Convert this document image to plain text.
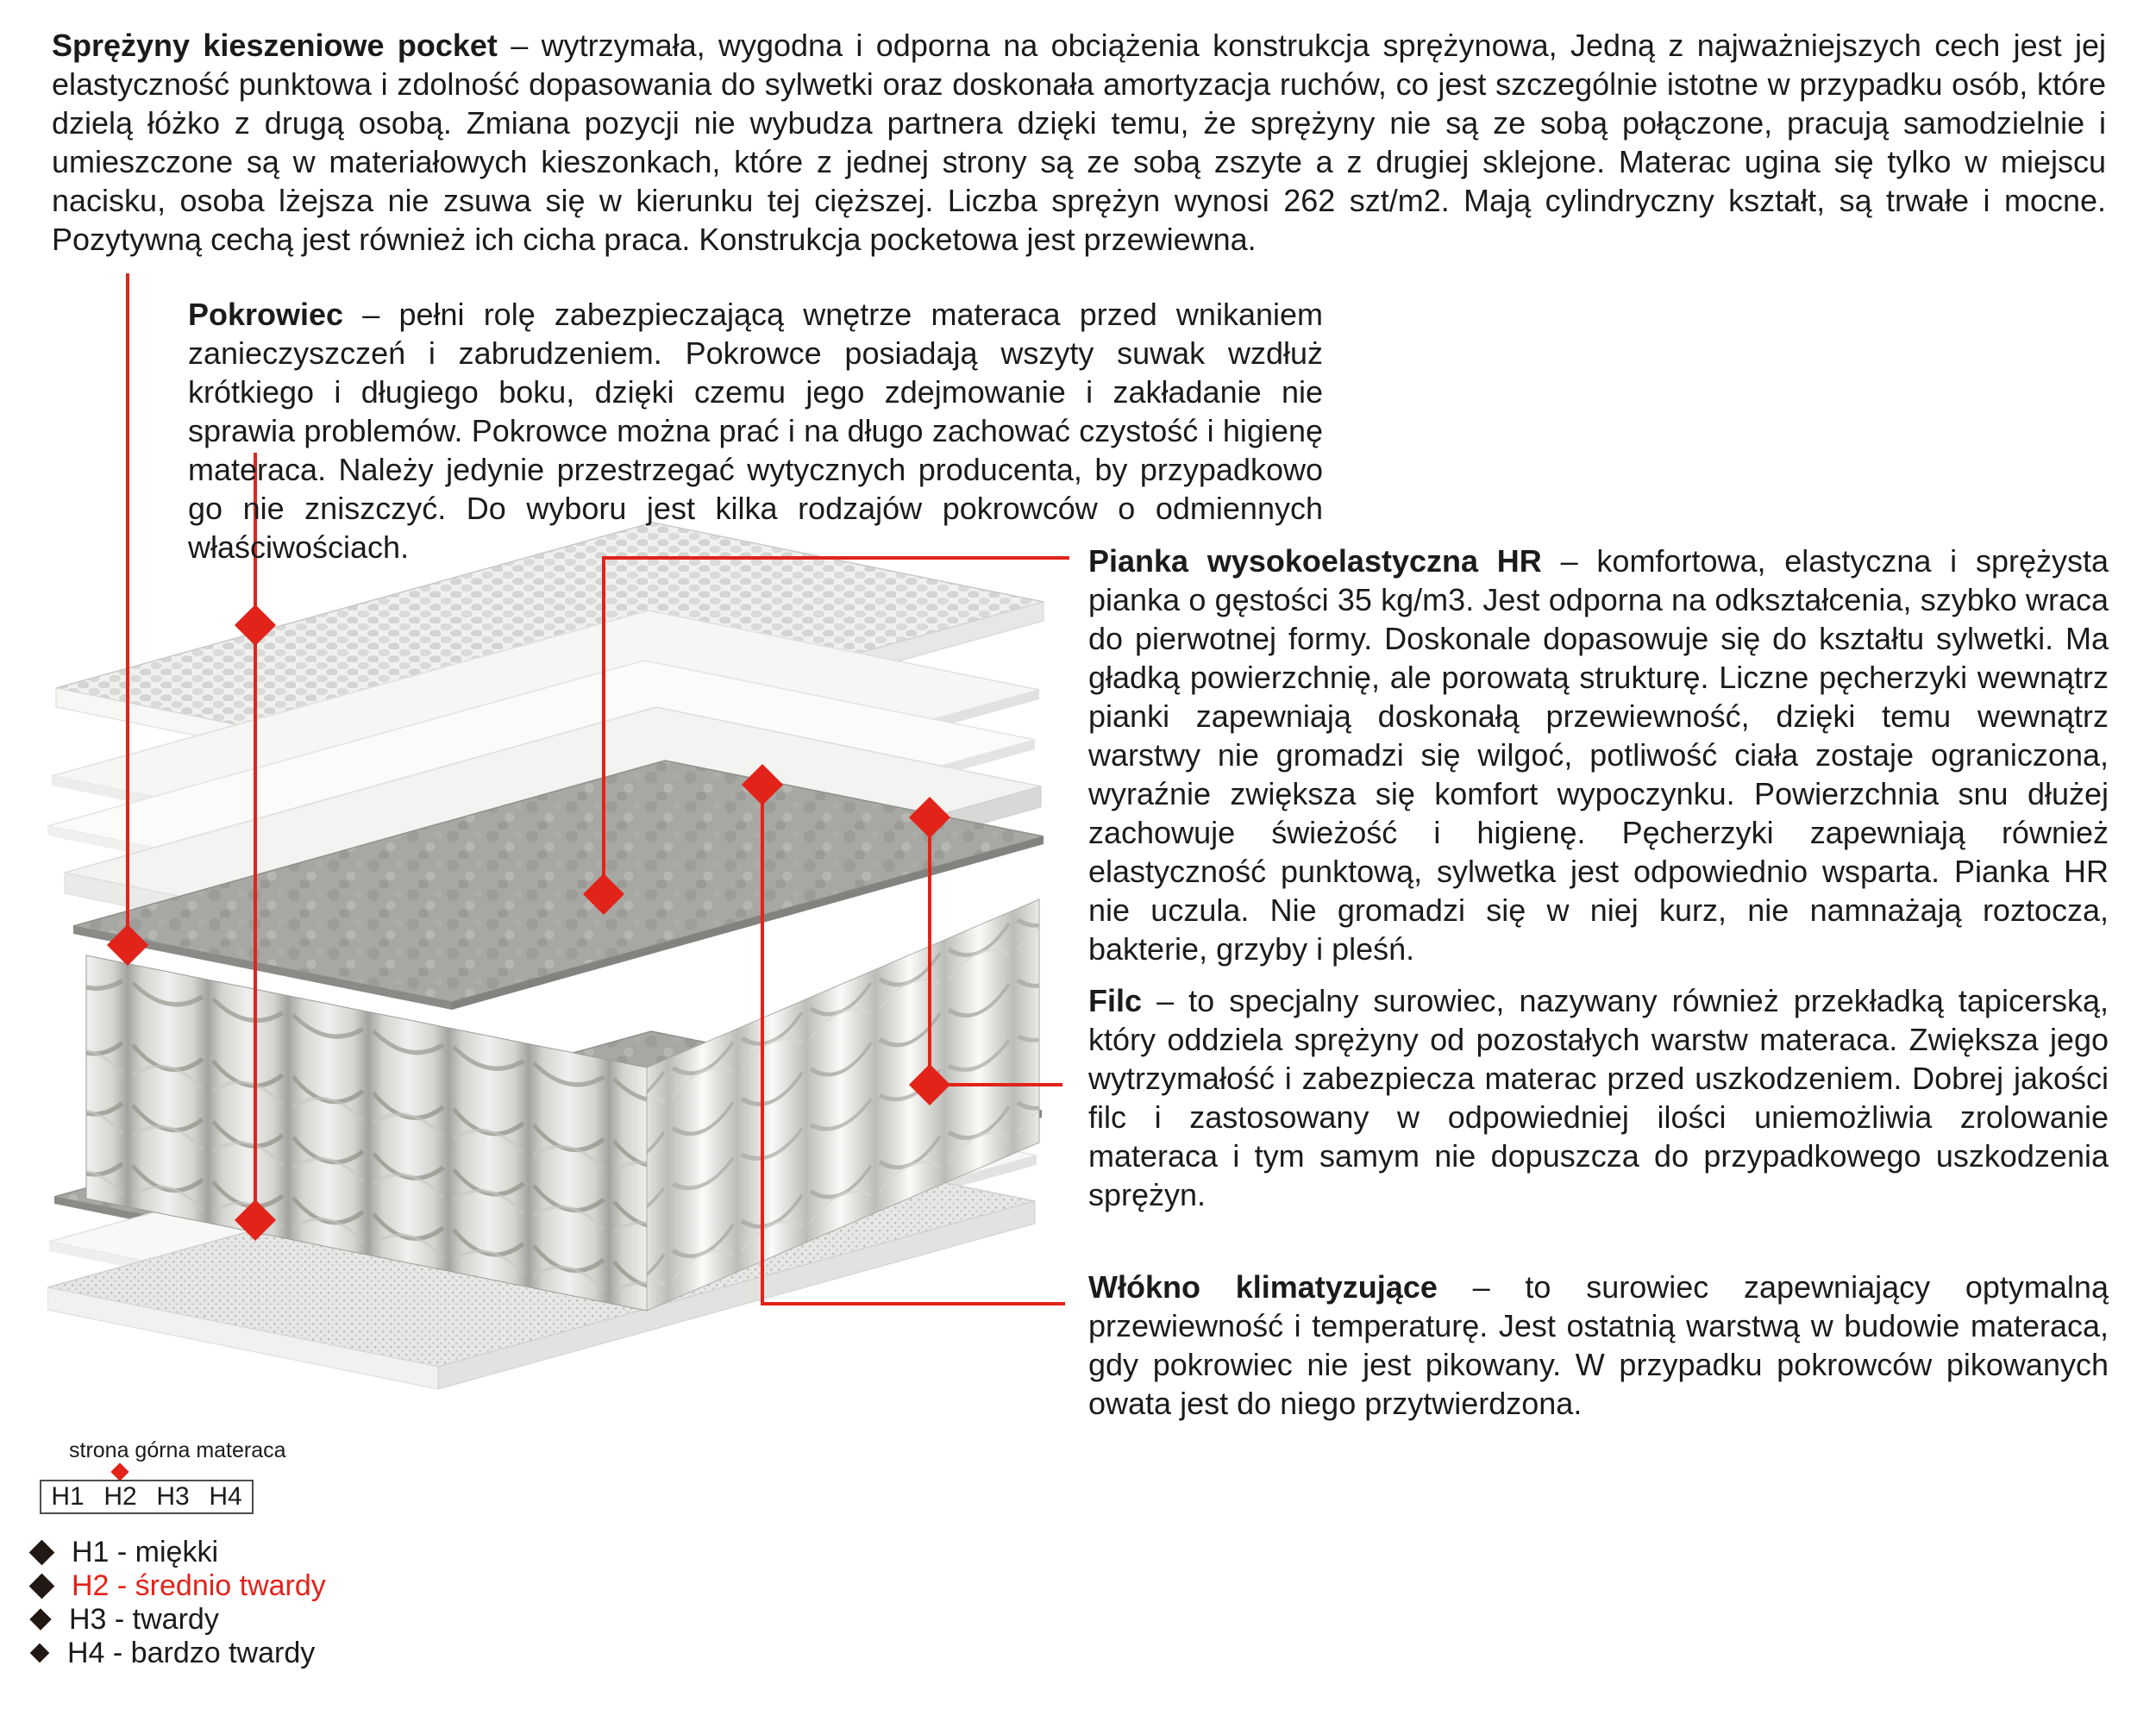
Sprężyny kieszeniowe pocket – wytrzymała, wygodna i odporna na obciążenia konstrukcja sprężynowa, Jedną z najważniejszych cech jest jej elastyczność punktowa i zdolność dopasowania do sylwetki oraz doskonała amortyzacja ruchów, co jest szczególnie istotne w przypadku osób, które dzielą łóżko z drugą osobą. Zmiana pozycji nie wybudza partnera dzięki temu, że sprężyny nie są ze sobą połączone, pracują samodzielnie i umieszczone są w materiałowych kieszonkach, które z jednej strony są ze sobą zszyte a z drugiej sklejone. Materac ugina się tylko w miejscu nacisku, osoba lżejsza nie zsuwa się w kierunku tej cięższej. Liczba sprężyn wynosi 262 szt/m2. Mają cylindryczny kształt, są trwałe i mocne. Pozytywną cechą jest również ich cicha praca. Konstrukcja pocketowa jest przewiewna.
Pokrowiec – pełni rolę zabezpieczającą wnętrze materaca przed wnikaniem zanieczyszczeń i zabrudzeniem. Pokrowce posiadają wszyty suwak wzdłuż krótkiego i długiego boku, dzięki czemu jego zdejmowanie i zakładanie nie sprawia problemów. Pokrowce można prać i na długo zachować czystość i higienę materaca. Należy jedynie przestrzegać wytycznych producenta, by przypadkowo go nie zniszczyć. Do wyboru jest kilka rodzajów pokrowców o odmiennych właściwościach.	Pianka wysokoelastyczna HR – komfortowa, elastyczna i sprężysta pianka o gęstości 35 kg/m3. Jest odporna na odkształcenia, szybko wraca do pierwotnej formy. Doskonale dopasowuje się do kształtu sylwetki. Ma gładką powierzchnię, ale porowatą strukturę. Liczne pęcherzyki wewnątrz pianki zapewniają doskonałą przewiewność, dzięki temu wewnątrz warstwy nie gromadzi się wilgoć, potliwość ciała zostaje ograniczona, wyraźnie zwiększa się komfort wypoczynku. Powierzchnia snu dłużej zachowuje świeżość i higienę. Pęcherzyki zapewniają również elastyczność punktową, sylwetka jest odpowiednio wsparta. Pianka HR nie uczula. Nie gromadzi się w niej kurz, nie namnażają roztocza, bakterie, grzyby i pleśń.
Filc – to specjalny surowiec, nazywany również przekładką tapicerską, który oddziela sprężyny od pozostałych warstw materaca. Zwiększa jego wytrzymałość i zabezpiecza materac przed uszkodzeniem. Dobrej jakości filc i zastosowany w odpowiedniej ilości uniemożliwia zrolowanie materaca i tym samym nie dopuszcza do przypadkowego uszkodzenia sprężyn.
Włókno klimatyzujące – to surowiec zapewniający optymalną przewiewność i temperaturę. Jest ostatnią warstwą w budowie materaca, gdy pokrowiec nie jest pikowany. W przypadku pokrowców pikowanych owata jest do niego przytwierdzona.
strona górna materaca
H1 H2 H3 H4
H1 - miękki
H2 - średnio twardy
H3 - twardy
H4 - bardzo twardy
